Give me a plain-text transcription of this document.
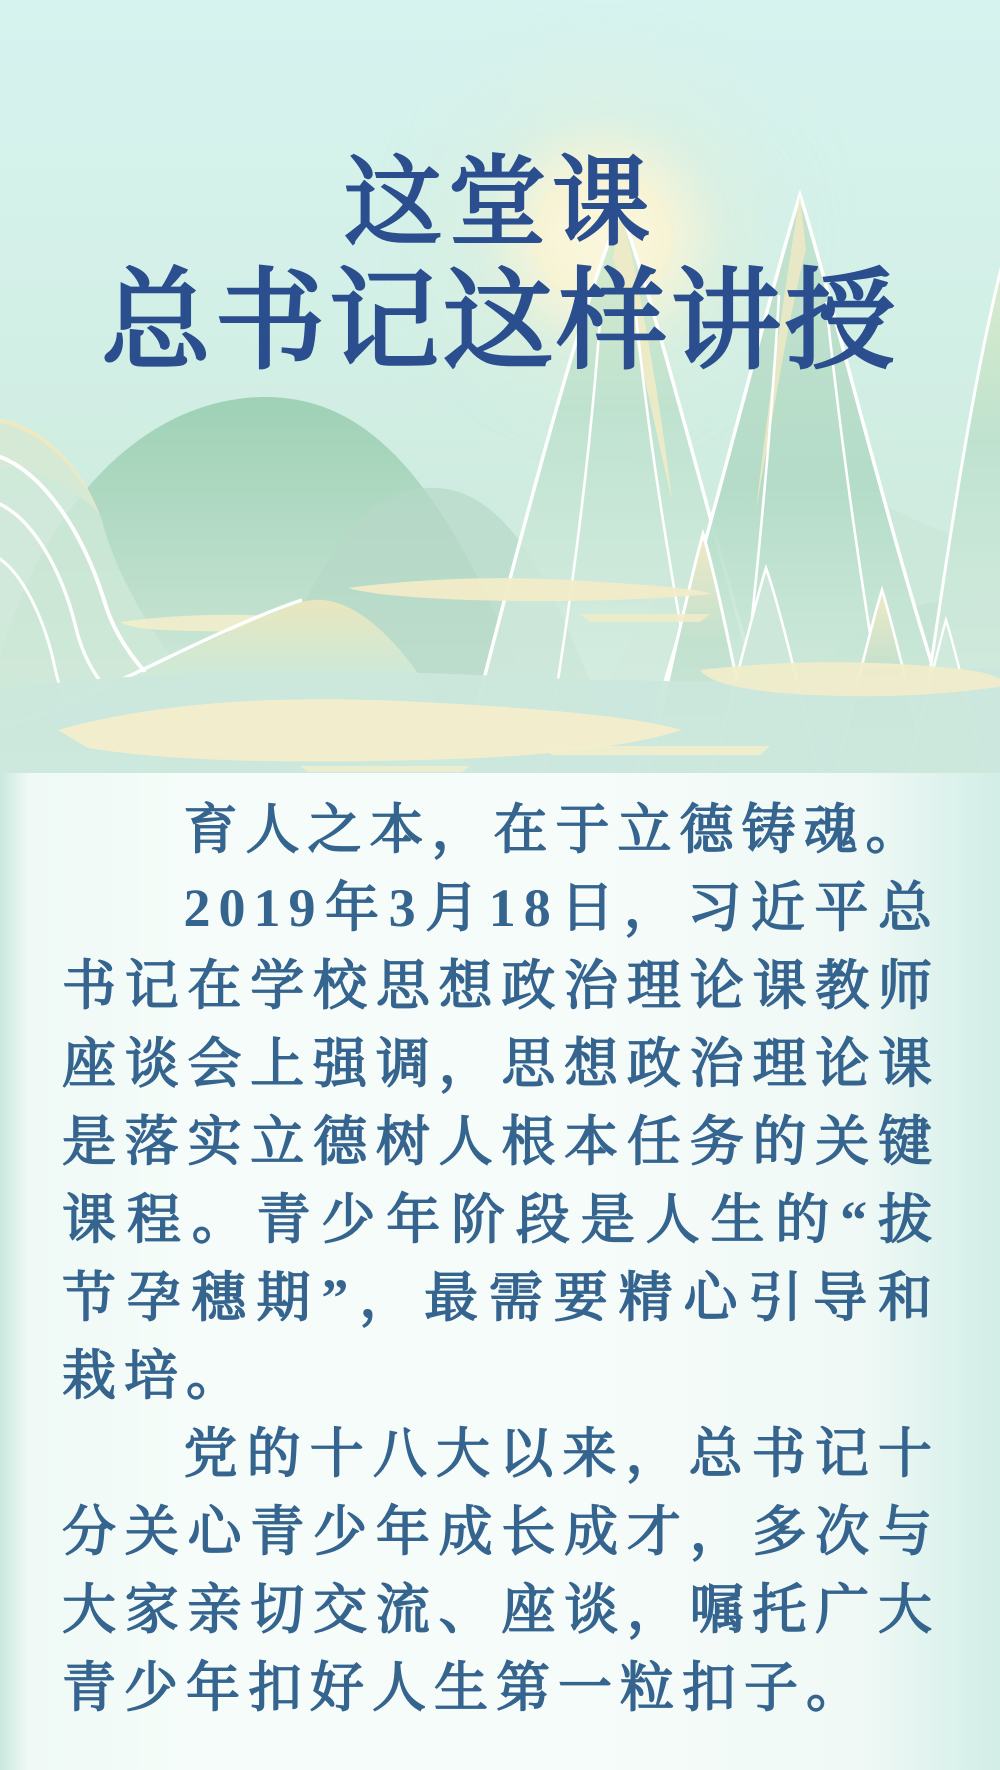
这堂课
总书记这样讲授

育人之本，在于立德铸魂。

2019年3月18日，习近平总书记在学校思想政治理论课教师座谈会上强调，思想政治理论课是落实立德树人根本任务的关键课程。青少年阶段是人生的“拔节孕穗期”，最需要精心引导和栽培。

党的十八大以来，总书记十分关心青少年成长成才，多次与大家亲切交流、座谈，嘱托广大青少年扣好人生第一粒扣子。
